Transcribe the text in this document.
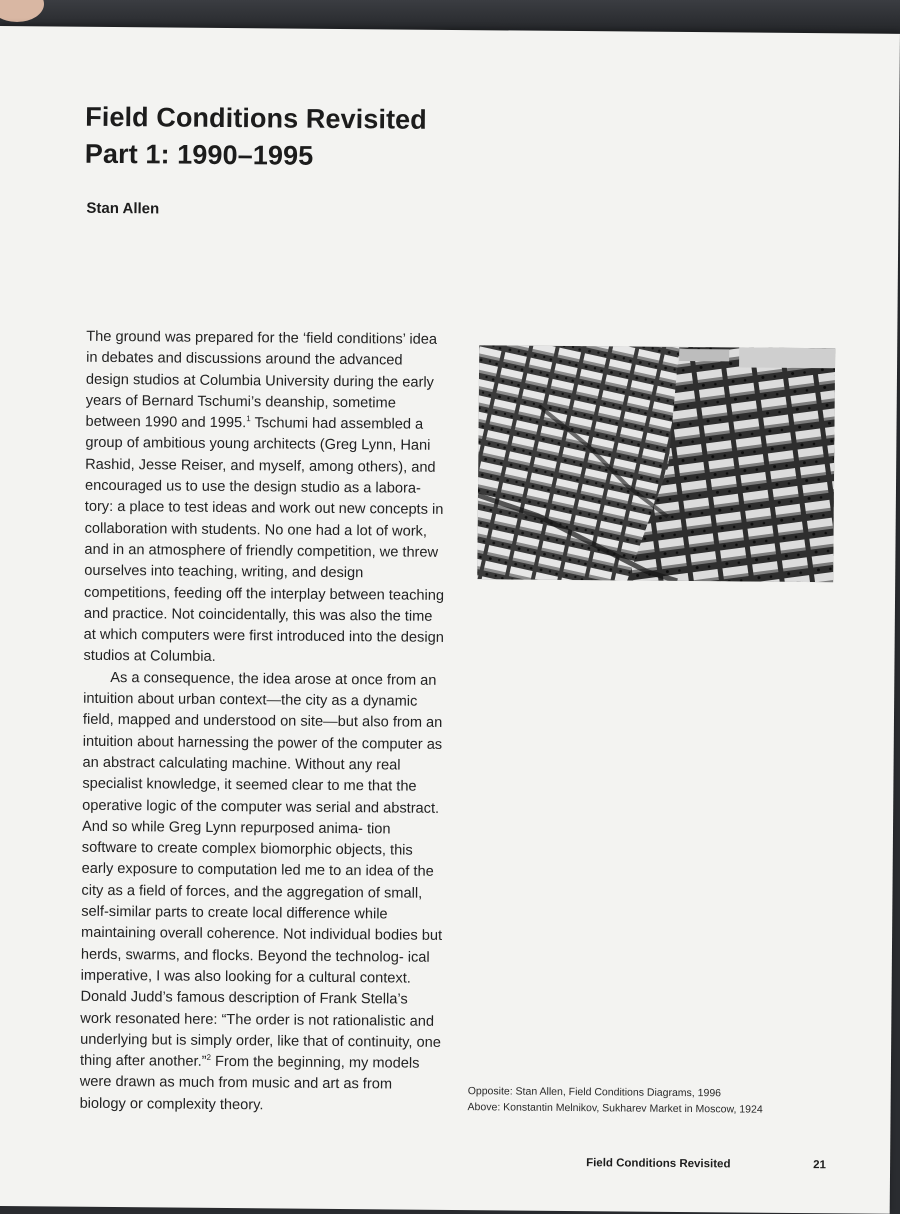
Field Conditions Revisited
Part 1: 1990–1995
Stan Allen

The ground was prepared for the ‘field conditions’ idea in debates and discussions around the advanced design studios at Columbia University during the early years of Bernard Tschumi’s deanship, sometime between 1990 and 1995.$^1$ Tschumi had assembled a group of ambitious young architects (Greg Lynn, Hani Rashid, Jesse Reiser, and myself, among others), and encouraged us to use the design studio as a labora- tory: a place to test ideas and work out new concepts in collaboration with students. No one had a lot of work, and in an atmosphere of friendly competition, we threw ourselves into teaching, writing, and design competitions, feeding off the interplay between teaching and practice. Not coincidentally, this was also the time at which computers were first introduced into the design studios at Columbia.

As a consequence, the idea arose at once from an intuition about urban context—the city as a dynamic field, mapped and understood on site—but also from an intuition about harnessing the power of the computer as an abstract calculating machine. Without any real specialist knowledge, it seemed clear to me that the operative logic of the computer was serial and abstract. And so while Greg Lynn repurposed anima- tion software to create complex biomorphic objects, this early exposure to computation led me to an idea of the city as a field of forces, and the aggregation of small, self-similar parts to create local difference while maintaining overall coherence. Not individual bodies but herds, swarms, and flocks. Beyond the technolog- ical imperative, I was also looking for a cultural context. Donald Judd’s famous description of Frank Stella’s work resonated here: “The order is not rationalistic and underlying but is simply order, like that of continuity, one thing after another.”$^2$ From the beginning, my models were drawn as much from music and art as from biology or complexity theory.

Opposite: Stan Allen, Field Conditions Diagrams, 1996
Above: Konstantin Melnikov, Sukharev Market in Moscow, 1924
Field Conditions Revisited	21
